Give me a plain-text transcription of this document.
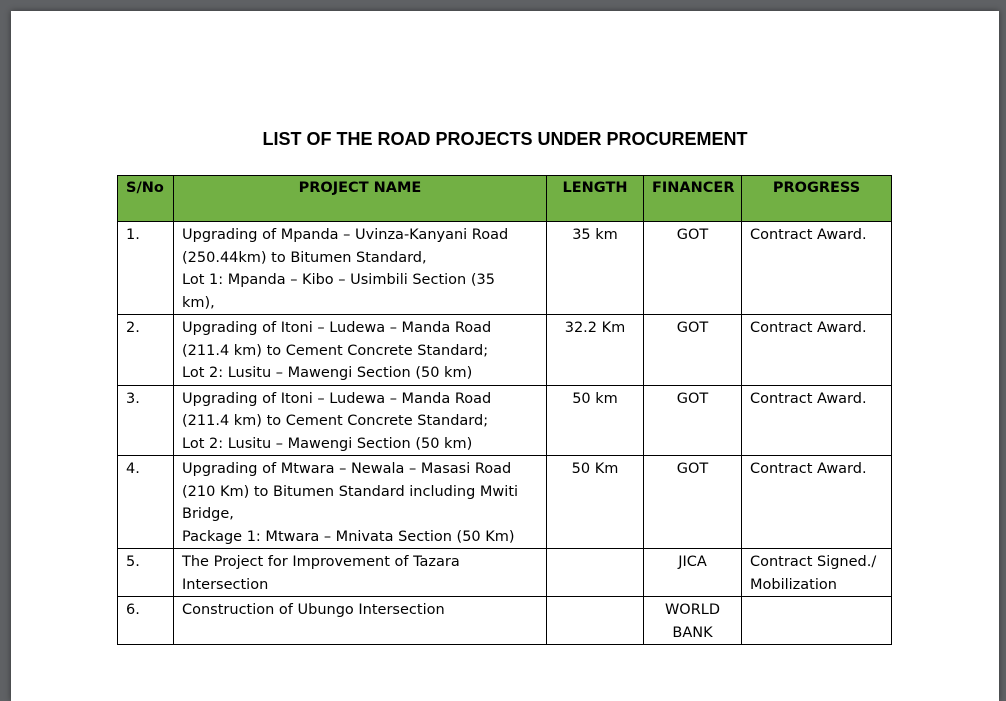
LIST OF THE ROAD PROJECTS UNDER PROCUREMENT
S/No	PROJECT NAME	LENGTH	FINANCER	PROGRESS
1.	Upgrading of Mpanda – Uvinza-Kanyani Road
(250.44km) to Bitumen Standard,
Lot 1: Mpanda – Kibo – Usimbili Section (35
km),	35 km	GOT	Contract Award.

2.	Upgrading of Itoni – Ludewa – Manda Road
(211.4 km) to Cement Concrete Standard;
Lot 2: Lusitu – Mawengi Section (50 km)	32.2 Km	GOT	Contract Award.

3.	Upgrading of Itoni – Ludewa – Manda Road
(211.4 km) to Cement Concrete Standard;
Lot 2: Lusitu – Mawengi Section (50 km)	50 km	GOT	Contract Award.

4.	Upgrading of Mtwara – Newala – Masasi Road
(210 Km) to Bitumen Standard including Mwiti
Bridge,
Package 1: Mtwara – Mnivata Section (50 Km)	50 Km	GOT	Contract Award.

5.	The Project for Improvement of Tazara
Intersection		JICA	Contract Signed./
Mobilization

6.	Construction of Ubungo Intersection		WORLD
BANK	
